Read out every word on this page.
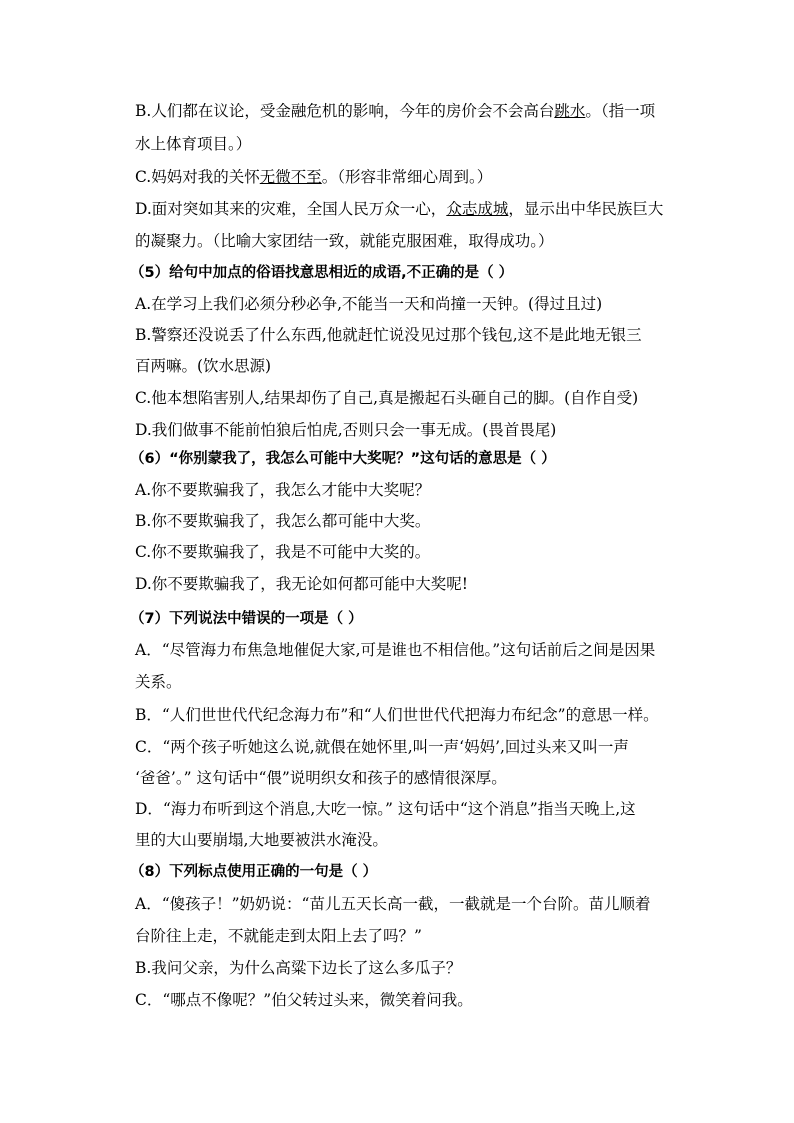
B.人们都在议论，受金融危机的影响，今年的房价会不会高台跳水。（指一项
水上体育项目。）
C.妈妈对我的关怀无微不至。（形容非常细心周到。）
D.面对突如其来的灾难，全国人民万众一心，众志成城，显示出中华民族巨大
的凝聚力。（比喻大家团结一致，就能克服困难，取得成功。）
（5）给句中加点的俗语找意思相近的成语,不正确的是（ ）
A.在学习上我们必须分秒必争,不能当一天和尚撞一天钟。(得过且过)
B.警察还没说丢了什么东西,他就赶忙说没见过那个钱包,这不是此地无银三
百两嘛。(饮水思源)
C.他本想陷害别人,结果却伤了自己,真是搬起石头砸自己的脚。(自作自受)
D.我们做事不能前怕狼后怕虎,否则只会一事无成。(畏首畏尾)
（6）“你别蒙我了，我怎么可能中大奖呢？”这句话的意思是（ ）
A.你不要欺骗我了，我怎么才能中大奖呢？
B.你不要欺骗我了，我怎么都可能中大奖。
C.你不要欺骗我了，我是不可能中大奖的。
D.你不要欺骗我了，我无论如何都可能中大奖呢!
（7）下列说法中错误的一项是（ ）
A．“尽管海力布焦急地催促大家,可是谁也不相信他。”这句话前后之间是因果
关系。
B．“人们世世代代纪念海力布”和“人们世世代代把海力布纪念”的意思一样。
C．“两个孩子听她这么说,就偎在她怀里,叫一声‘妈妈’,回过头来又叫一声
‘爸爸’。” 这句话中“偎”说明织女和孩子的感情很深厚。
D．“海力布听到这个消息,大吃一惊。” 这句话中“这个消息”指当天晚上,这
里的大山要崩塌,大地要被洪水淹没。
（8）下列标点使用正确的一句是（ ）
A．“傻孩子！”奶奶说：“苗儿五天长高一截，一截就是一个台阶。苗儿顺着
台阶往上走，不就能走到太阳上去了吗？”
B.我问父亲，为什么高粱下边长了这么多瓜子？
C．“哪点不像呢？”伯父转过头来，微笑着问我。
